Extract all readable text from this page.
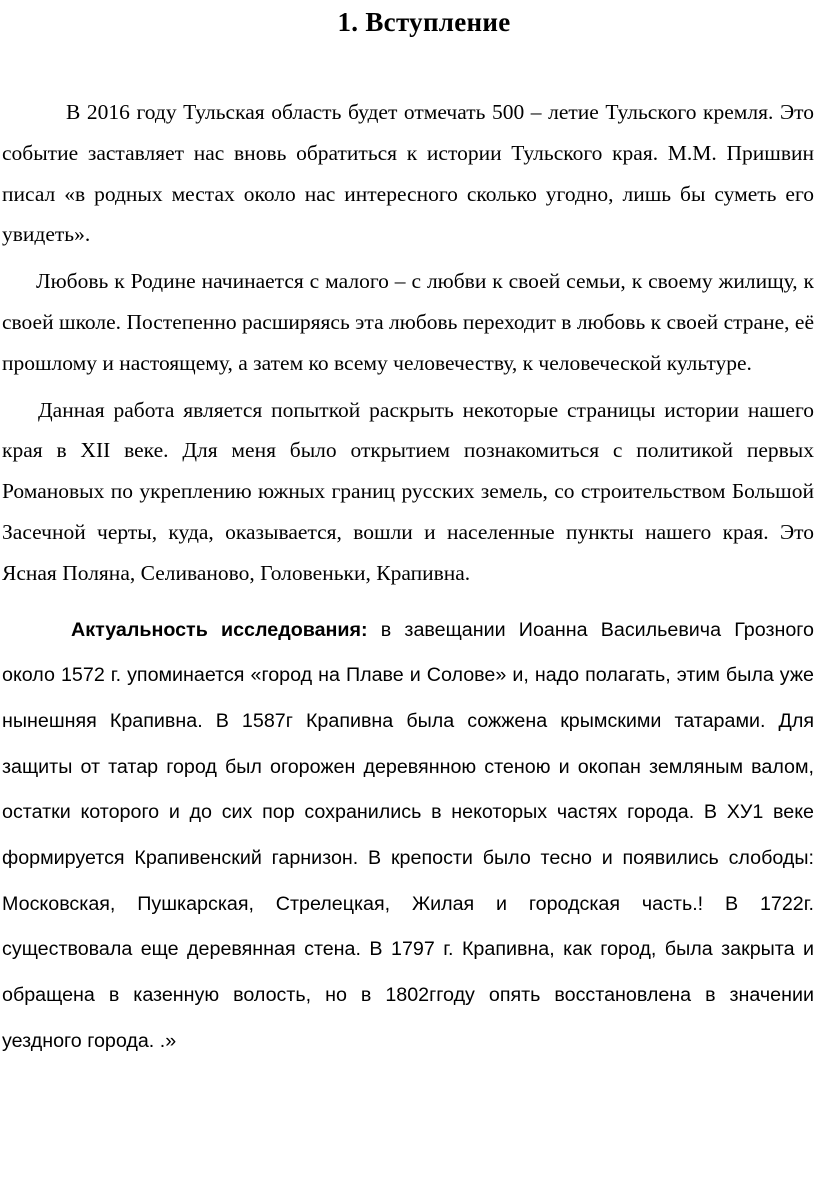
1. Вступление

В 2016 году Тульская область будет отмечать 500 – летие Тульского кремля. Это событие заставляет нас вновь обратиться к истории Тульского края. М.М. Пришвин писал «в родных местах около нас интересного сколько угодно, лишь бы суметь его увидеть».

Любовь к Родине начинается с малого – с любви к своей семьи, к своему жилищу, к своей школе. Постепенно расширяясь эта любовь переходит в любовь к своей стране, её прошлому и настоящему, а затем ко всему человечеству, к человеческой культуре.

Данная работа является попыткой раскрыть некоторые страницы истории нашего края в XII веке. Для меня было открытием познакомиться с политикой первых Романовых по укреплению южных границ русских земель, со строительством Большой Засечной черты, куда, оказывается, вошли и населенные пункты нашего края. Это Ясная Поляна, Селиваново, Головеньки, Крапивна.

Актуальность исследования: в завещании Иоанна Васильевича Грозного около 1572 г. упоминается «город на Плаве и Солове» и, надо полагать, этим была уже нынешняя Крапивна. В 1587г Крапивна была сожжена крымскими татарами. Для защиты от татар город был огорожен деревянною стеною и окопан земляным валом, остатки которого и до сих пор сохранились в некоторых частях города. В ХУ1 веке формируется Крапивенский гарнизон. В крепости было тесно и появились слободы: Московская, Пушкарская, Стрелецкая, Жилая и городская часть.! В 1722г. существовала еще деревянная стена. В 1797 г. Крапивна, как город, была закрыта и обращена в казенную волость, но в 1802ггоду опять восстановлена в значении уездного города. .»
